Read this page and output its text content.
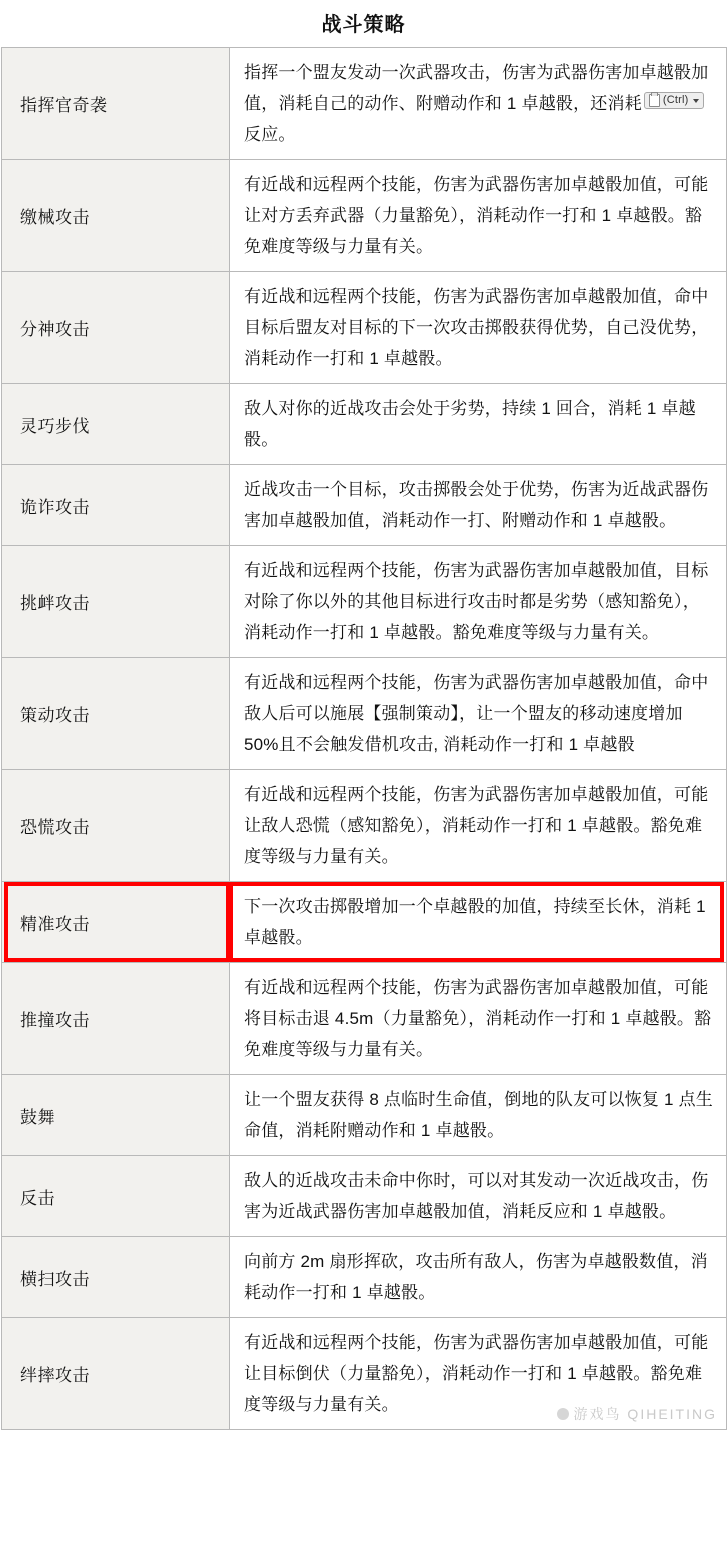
战斗策略
指挥官奇袭	指挥一个盟友发动一次武器攻击，伤害为武器伤害加卓越骰加值，消耗自己的动作、附赠动作和 1 卓越骰，还消耗 (Ctrl)
反应。
缴械攻击	有近战和远程两个技能，伤害为武器伤害加卓越骰加值，可能让对方丢弃武器（力量豁免），消耗动作一打和 1 卓越骰。豁免难度等级与力量有关。
分神攻击	有近战和远程两个技能，伤害为武器伤害加卓越骰加值，命中目标后盟友对目标的下一次攻击掷骰获得优势，自己没优势，消耗动作一打和 1 卓越骰。
灵巧步伐	敌人对你的近战攻击会处于劣势，持续 1 回合，消耗 1 卓越骰。
诡诈攻击	近战攻击一个目标，攻击掷骰会处于优势，伤害为近战武器伤害加卓越骰加值，消耗动作一打、附赠动作和 1 卓越骰。
挑衅攻击	有近战和远程两个技能，伤害为武器伤害加卓越骰加值，目标对除了你以外的其他目标进行攻击时都是劣势（感知豁免），消耗动作一打和 1 卓越骰。豁免难度等级与力量有关。
策动攻击	有近战和远程两个技能，伤害为武器伤害加卓越骰加值，命中敌人后可以施展【强制策动】，让一个盟友的移动速度增加 50%且不会触发借机攻击, 消耗动作一打和 1 卓越骰
恐慌攻击	有近战和远程两个技能，伤害为武器伤害加卓越骰加值，可能让敌人恐慌（感知豁免），消耗动作一打和 1 卓越骰。豁免难度等级与力量有关。
精准攻击	下一次攻击掷骰增加一个卓越骰的加值，持续至长休，消耗 1 卓越骰。

推撞攻击	有近战和远程两个技能，伤害为武器伤害加卓越骰加值，可能将目标击退 4.5m（力量豁免），消耗动作一打和 1 卓越骰。豁免难度等级与力量有关。
鼓舞	让一个盟友获得 8 点临时生命值，倒地的队友可以恢复 1 点生命值，消耗附赠动作和 1 卓越骰。
反击	敌人的近战攻击未命中你时，可以对其发动一次近战攻击，伤害为近战武器伤害加卓越骰加值，消耗反应和 1 卓越骰。
横扫攻击	向前方 2m 扇形挥砍，攻击所有敌人，伤害为卓越骰数值，消耗动作一打和 1 卓越骰。
绊摔攻击	有近战和远程两个技能，伤害为武器伤害加卓越骰加值，可能让目标倒伏（力量豁免），消耗动作一打和 1 卓越骰。豁免难度等级与力量有关。	游戏鸟 QIHEITING
